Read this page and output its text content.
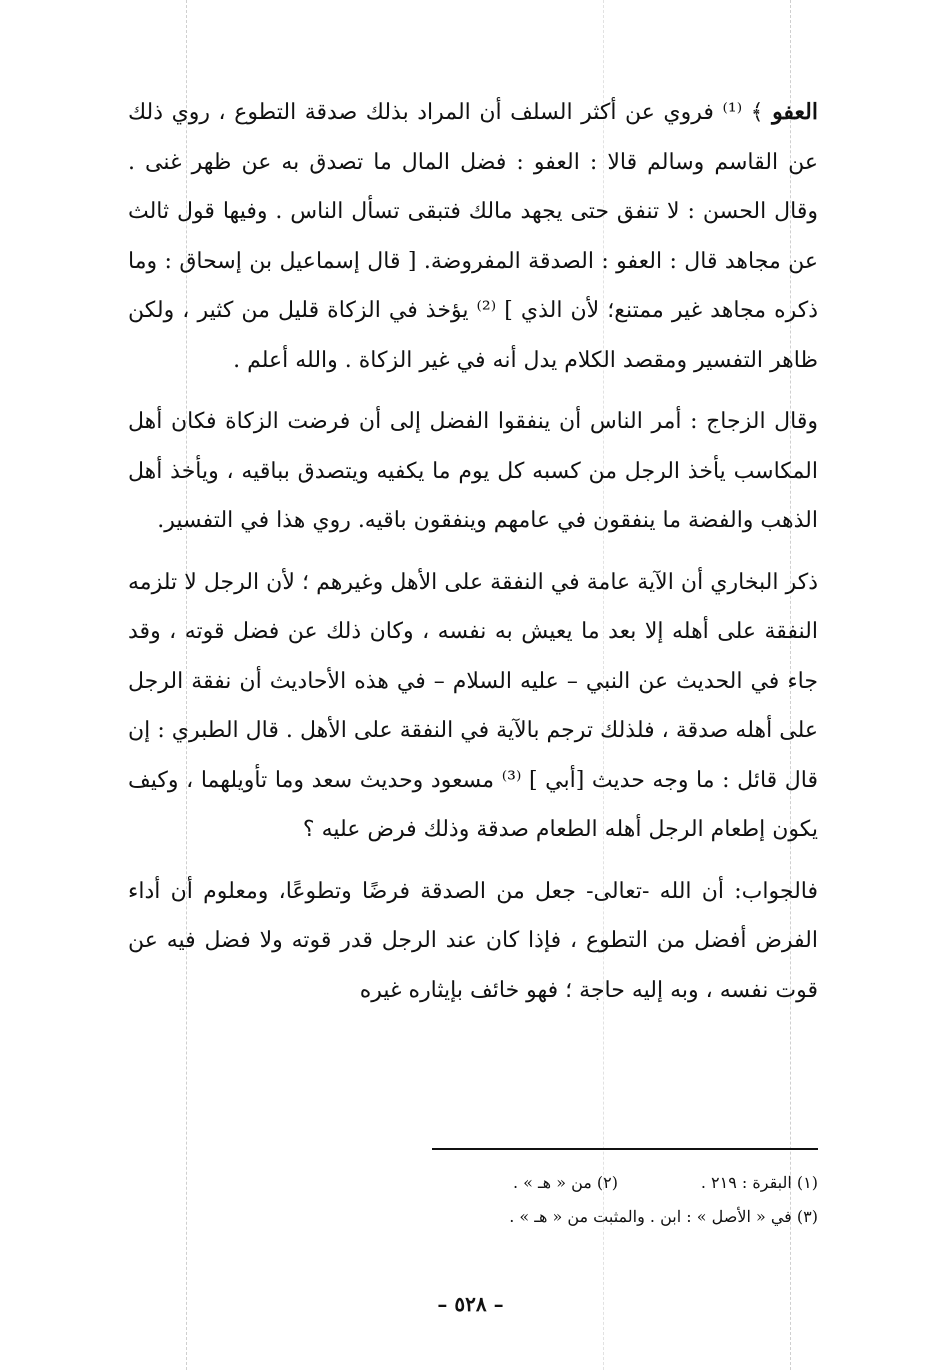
العفو ﴾ ⁽¹⁾ فروي عن أكثر السلف أن المراد بذلك صدقة التطوع ، روي ذلك عن القاسم وسالم قالا : العفو : فضل المال ما تصدق به عن ظهر غنى . وقال الحسن : لا تنفق حتى يجهد مالك فتبقى تسأل الناس . وفيها قول ثالث عن مجاهد قال : العفو : الصدقة المفروضة. [ قال إسماعيل بن إسحاق : وما ذكره مجاهد غير ممتنع؛ لأن الذي ] ⁽²⁾ يؤخذ في الزكاة قليل من كثير ، ولكن ظاهر التفسير ومقصد الكلام يدل أنه في غير الزكاة . والله أعلم .

وقال الزجاج : أمر الناس أن ينفقوا الفضل إلى أن فرضت الزكاة فكان أهل المكاسب يأخذ الرجل من كسبه كل يوم ما يكفيه ويتصدق بباقيه ، ويأخذ أهل الذهب والفضة ما ينفقون في عامهم وينفقون باقيه. روي هذا في التفسير.

ذكر البخاري أن الآية عامة في النفقة على الأهل وغيرهم ؛ لأن الرجل لا تلزمه النفقة على أهله إلا بعد ما يعيش به نفسه ، وكان ذلك عن فضل قوته ، وقد جاء في الحديث عن النبي – عليه السلام – في هذه الأحاديث أن نفقة الرجل على أهله صدقة ، فلذلك ترجم بالآية في النفقة على الأهل . قال الطبري : إن قال قائل : ما وجه حديث [أبي ] ⁽³⁾ مسعود وحديث سعد وما تأويلهما ، وكيف يكون إطعام الرجل أهله الطعام صدقة وذلك فرض عليه ؟

فالجواب: أن الله -تعالى- جعل من الصدقة فرضًا وتطوعًا، ومعلوم أن أداء الفرض أفضل من التطوع ، فإذا كان عند الرجل قدر قوته ولا فضل فيه عن قوت نفسه ، وبه إليه حاجة ؛ فهو خائف بإيثاره غيره

(١) البقرة : ٢١٩ .
(٢) من « هـ » .
(٣) في « الأصل » : ابن . والمثبت من « هـ » .
– ٥٢٨ –
